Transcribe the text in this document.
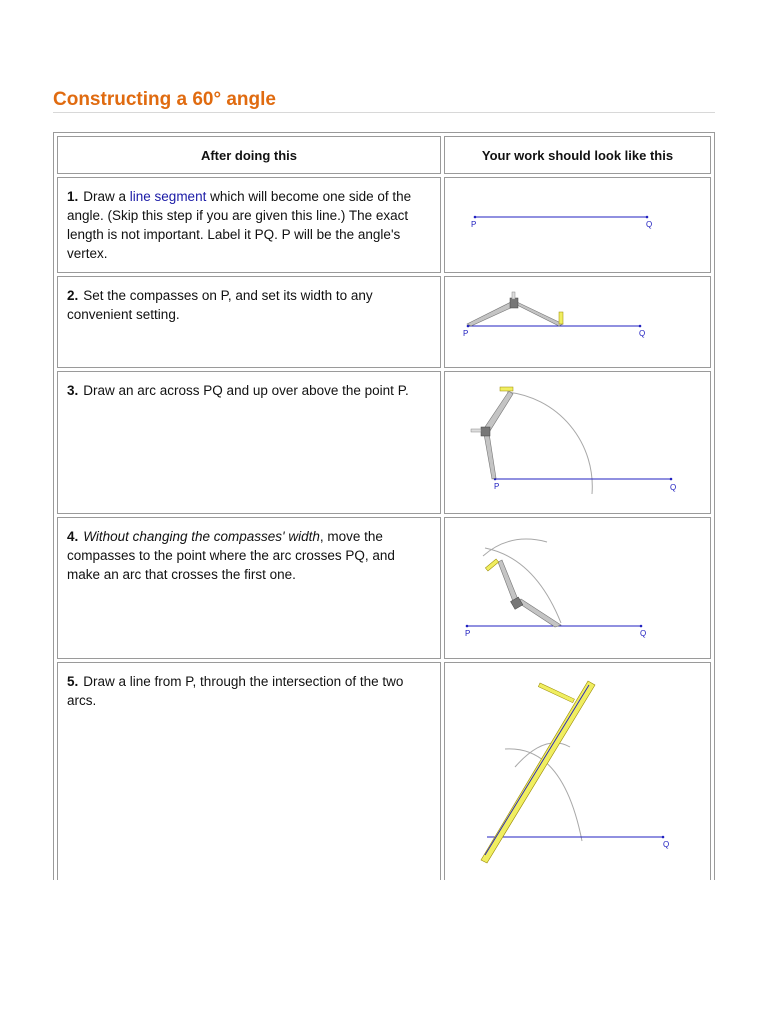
Constructing a 60° angle
After doing this	Your work should look like this

1. Draw a line segment which will become one side of the angle. (Skip this step if you are given this line.) The exact length is not important. Label it PQ. P will be the angle's vertex.	P Q

2. Set the compasses on P, and set its width to any convenient setting.	P Q

3. Draw an arc across PQ and up over above the point P.	P Q

4. Without changing the compasses' width, move the compasses to the point where the arc crosses PQ, and make an arc that crosses the first one.	P Q

5. Draw a line from P, through the intersection of the two arcs.	Q
